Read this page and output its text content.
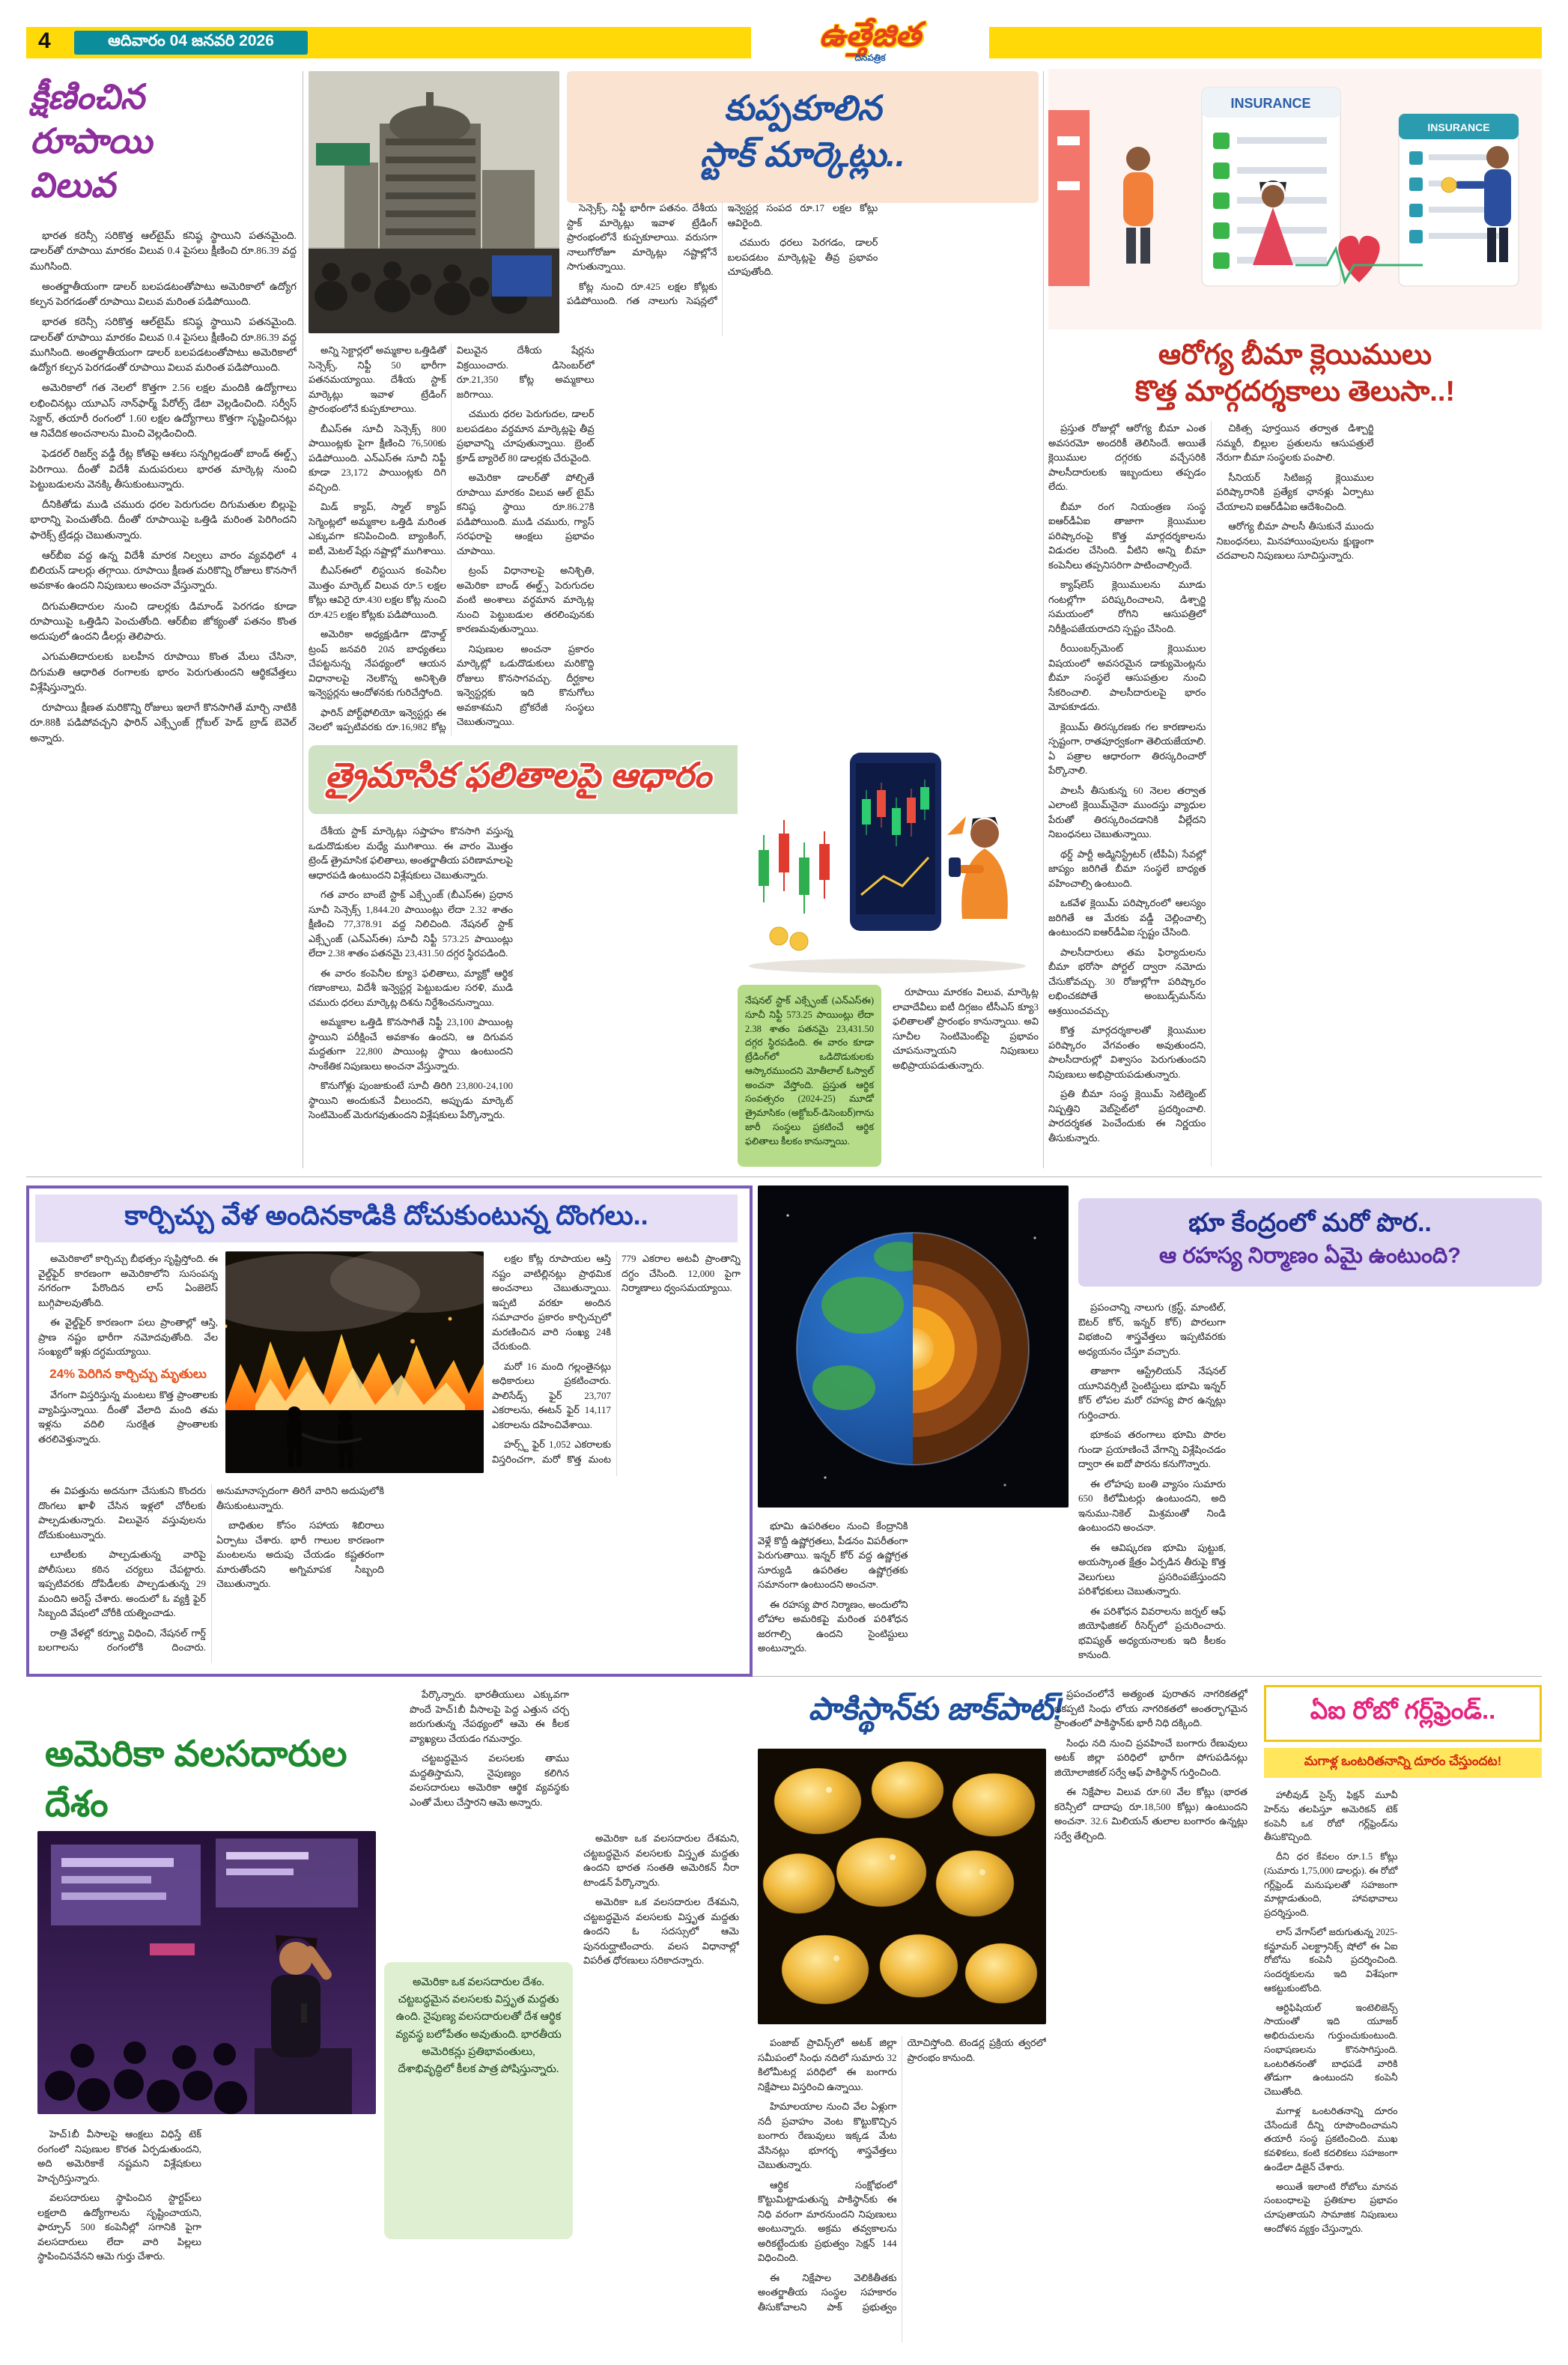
4	ఆదివారం 04 జనవరి 2026	ఉత్తేజిత
దినపత్రిక
క్షీణించిన
రూపాయి
విలువ

భారత కరెన్సీ సరికొత్త ఆల్‌టైమ్ కనిష్ఠ స్థాయిని పతనమైంది. డాలర్‌తో రూపాయి మారకం విలువ 0.4 పైసలు క్షీణించి రూ.86.39 వద్ద ముగిసింది.

అంతర్జాతీయంగా డాలర్ బలపడటంతోపాటు అమెరికాలో ఉద్యోగ కల్పన పెరగడంతో రూపాయి విలువ మరింత పడిపోయింది.

భారత కరెన్సీ సరికొత్త ఆల్‌టైమ్ కనిష్ఠ స్థాయిని పతనమైంది. డాలర్‌తో రూపాయి మారకం విలువ 0.4 పైసలు క్షీణించి రూ.86.39 వద్ద ముగిసింది. అంతర్జాతీయంగా డాలర్ బలపడటంతోపాటు అమెరికాలో ఉద్యోగ కల్పన పెరగడంతో రూపాయి విలువ మరింత పడిపోయింది.

అమెరికాలో గత నెలలో కొత్తగా 2.56 లక్షల మందికి ఉద్యోగాలు లభించినట్లు యూఎస్ నాన్‌ఫార్మ్ పేరోల్స్ డేటా వెల్లడించింది. సర్వీస్ సెక్టార్, తయారీ రంగంలో 1.60 లక్షల ఉద్యోగాలు కొత్తగా సృష్టించినట్లు ఆ నివేదిక అంచనాలను మించి వెల్లడించింది.

ఫెడరల్ రిజర్వ్ వడ్డీ రేట్ల కోతపై ఆశలు సన్నగిల్లడంతో బాండ్ ఈల్డ్స్ పెరిగాయి. దీంతో విదేశీ మదుపరులు భారత మార్కెట్ల నుంచి పెట్టుబడులను వెనక్కి తీసుకుంటున్నారు.

దీనికితోడు ముడి చమురు ధరల పెరుగుదల దిగుమతుల బిల్లుపై భారాన్ని పెంచుతోంది. దీంతో రూపాయిపై ఒత్తిడి మరింత పెరిగిందని ఫారెక్స్ ట్రేడర్లు చెబుతున్నారు.

ఆర్‌బీఐ వద్ద ఉన్న విదేశీ మారక నిల్వలు వారం వ్యవధిలో 4 బిలియన్ డాలర్లు తగ్గాయి. రూపాయి క్షీణత మరికొన్ని రోజులు కొనసాగే అవకాశం ఉందని నిపుణులు అంచనా వేస్తున్నారు.

దిగుమతిదారుల నుంచి డాలర్లకు డిమాండ్ పెరగడం కూడా రూపాయిపై ఒత్తిడిని పెంచుతోంది. ఆర్‌బీఐ జోక్యంతో పతనం కొంత అదుపులో ఉందని డీలర్లు తెలిపారు.

ఎగుమతిదారులకు బలహీన రూపాయి కొంత మేలు చేసినా, దిగుమతి ఆధారిత రంగాలకు భారం పెరుగుతుందని ఆర్థికవేత్తలు విశ్లేషిస్తున్నారు.

రూపాయి క్షీణత మరికొన్ని రోజులు ఇలాగే కొనసాగితే మార్చి నాటికి రూ.88కి పడిపోవచ్చని ఫారిన్ ఎక్స్ఛేంజ్ గ్లోబల్ హెడ్ బ్రాడ్ బెవెల్ అన్నారు.

కుప్పకూలిన
స్టాక్ మార్కెట్లు..

సెన్సెక్స్, నిఫ్టీ భారీగా పతనం. దేశీయ స్టాక్ మార్కెట్లు ఇవాళ ట్రేడింగ్ ప్రారంభంలోనే కుప్పకూలాయి. వరుసగా నాలుగోరోజూ మార్కెట్లు నష్టాల్లోనే సాగుతున్నాయి.

కోట్ల నుంచి రూ.425 లక్షల కోట్లకు పడిపోయింది. గత నాలుగు సెషన్లలో ఇన్వెస్టర్ల సంపద రూ.17 లక్షల కోట్లు ఆవిరైంది.

చమురు ధరలు పెరగడం, డాలర్ బలపడటం మార్కెట్లపై తీవ్ర ప్రభావం చూపుతోంది.

అన్ని సెక్టార్లలో అమ్మకాల ఒత్తిడితో సెన్సెక్స్, నిఫ్టీ 50 భారీగా పతనమయ్యాయి. దేశీయ స్టాక్ మార్కెట్లు ఇవాళ ట్రేడింగ్ ప్రారంభంలోనే కుప్పకూలాయి.

బీఎస్ఈ సూచీ సెన్సెక్స్ 800 పాయింట్లకు పైగా క్షీణించి 76,500కు పడిపోయింది. ఎన్ఎస్ఈ సూచీ నిఫ్టీ కూడా 23,172 పాయింట్లకు దిగి వచ్చింది.

మిడ్ క్యాప్, స్మాల్ క్యాప్ సెగ్మెంట్లలో అమ్మకాల ఒత్తిడి మరింత ఎక్కువగా కనిపించింది. బ్యాంకింగ్, ఐటీ, మెటల్ షేర్లు నష్టాల్లో ముగిశాయి.

బీఎస్ఈలో లిస్టయిన కంపెనీల మొత్తం మార్కెట్ విలువ రూ.5 లక్షల కోట్లు ఆవిరై రూ.430 లక్షల కోట్ల నుంచి రూ.425 లక్షల కోట్లకు పడిపోయింది.

అమెరికా అధ్యక్షుడిగా డొనాల్డ్ ట్రంప్ జనవరి 20న బాధ్యతలు చేపట్టనున్న నేపథ్యంలో ఆయన విధానాలపై నెలకొన్న అనిశ్చితి ఇన్వెస్టర్లను ఆందోళనకు గురిచేస్తోంది.

ఫారిన్ పోర్ట్‌ఫోలియో ఇన్వెస్టర్లు ఈ నెలలో ఇప్పటివరకు రూ.16,982 కోట్ల విలువైన దేశీయ షేర్లను విక్రయించారు. డిసెంబర్‌లో రూ.21,350 కోట్ల అమ్మకాలు జరిగాయి.

చమురు ధరల పెరుగుదల, డాలర్ బలపడటం వర్ధమాన మార్కెట్లపై తీవ్ర ప్రభావాన్ని చూపుతున్నాయి. బ్రెంట్ క్రూడ్ బ్యారెల్ 80 డాలర్లకు చేరువైంది.

అమెరికా డాలర్‌తో పోల్చితే రూపాయి మారకం విలువ ఆల్ టైమ్ కనిష్ఠ స్థాయి రూ.86.27కి పడిపోయింది. ముడి చమురు, గ్యాస్ సరఫరాపై ఆంక్షలు ప్రభావం చూపాయి.

ట్రంప్ విధానాలపై అనిశ్చితి, అమెరికా బాండ్ ఈల్డ్స్ పెరుగుదల వంటి అంశాలు వర్ధమాన మార్కెట్ల నుంచి పెట్టుబడుల తరలింపునకు కారణమవుతున్నాయి.

నిపుణుల అంచనా ప్రకారం మార్కెట్లో ఒడుదొడుకులు మరికొద్ది రోజులు కొనసాగవచ్చు. దీర్ఘకాల ఇన్వెస్టర్లకు ఇది కొనుగోలు అవకాశమని బ్రోకరేజీ సంస్థలు చెబుతున్నాయి.

త్రైమాసిక ఫలితాలపై ఆధారం

దేశీయ స్టాక్ మార్కెట్లు సప్తాహం కొనసాగి వస్తున్న ఒడుదొడుకుల మధ్యే ముగిశాయి. ఈ వారం మొత్తం ట్రెండ్ త్రైమాసిక ఫలితాలు, అంతర్జాతీయ పరిణామాలపై ఆధారపడి ఉంటుందని విశ్లేషకులు చెబుతున్నారు.

గత వారం బాంబే స్టాక్ ఎక్స్ఛేంజ్ (బీఎస్ఈ) ప్రధాన సూచీ సెన్సెక్స్ 1,844.20 పాయింట్లు లేదా 2.32 శాతం క్షీణించి 77,378.91 వద్ద నిలిచింది. నేషనల్ స్టాక్ ఎక్స్ఛేంజ్ (ఎన్ఎస్ఈ) సూచీ నిఫ్టీ 573.25 పాయింట్లు లేదా 2.38 శాతం పతనమై 23,431.50 దగ్గర స్థిరపడింది.

ఈ వారం కంపెనీల క్యూ3 ఫలితాలు, మ్యాక్రో ఆర్థిక గణాంకాలు, విదేశీ ఇన్వెస్టర్ల పెట్టుబడుల సరళి, ముడి చమురు ధరలు మార్కెట్ల దిశను నిర్దేశించనున్నాయి.

అమ్మకాల ఒత్తిడి కొనసాగితే నిఫ్టీ 23,100 పాయింట్ల స్థాయిని పరీక్షించే అవకాశం ఉందని, ఆ దిగువన మద్దతుగా 22,800 పాయింట్ల స్థాయి ఉంటుందని సాంకేతిక నిపుణులు అంచనా వేస్తున్నారు.

కొనుగోళ్లు పుంజుకుంటే సూచీ తిరిగి 23,800-24,100 స్థాయిని అందుకునే వీలుందని, అప్పుడు మార్కెట్ సెంటిమెంట్ మెరుగవుతుందని విశ్లేషకులు పేర్కొన్నారు.

నేషనల్ స్టాక్ ఎక్స్ఛేంజ్ (ఎన్ఎస్ఈ) సూచీ నిఫ్టీ 573.25 పాయింట్లు లేదా 2.38 శాతం పతనమై 23,431.50 దగ్గర స్థిరపడింది. ఈ వారం కూడా ట్రేడింగ్‌లో ఒడిదొడుకులకు ఆస్కారముందని మోతీలాల్ ఓస్వాల్ అంచనా వేస్తోంది. ప్రస్తుత ఆర్థిక సంవత్సరం (2024-25) మూడో త్రైమాసికం (అక్టోబర్-డిసెంబర్)గాను జారీ సంస్థలు ప్రకటించే ఆర్థిక ఫలితాలు కీలకం కానున్నాయి.

రూపాయి మారకం విలువ, మార్కెట్ల లావాదేవీలు ఐటీ దిగ్గజం టీసీఎస్ క్యూ3 ఫలితాలతో ప్రారంభం కానున్నాయి. అవి సూచీల సెంటిమెంట్‌పై ప్రభావం చూపనున్నాయని నిపుణులు అభిప్రాయపడుతున్నారు.

INSURANCE
INSURANCE
ఆరోగ్య బీమా క్లెయిములు
కొత్త మార్గదర్శకాలు తెలుసా..!

ప్రస్తుత రోజుల్లో ఆరోగ్య బీమా ఎంత అవసరమో అందరికీ తెలిసిందే. అయితే క్లెయిముల దగ్గరకు వచ్చేసరికి పాలసీదారులకు ఇబ్బందులు తప్పడం లేదు.

బీమా రంగ నియంత్రణ సంస్థ ఐఆర్‌డీఏఐ తాజాగా క్లెయిముల పరిష్కారంపై కొత్త మార్గదర్శకాలను విడుదల చేసింది. వీటిని అన్ని బీమా కంపెనీలు తప్పనిసరిగా పాటించాల్సిందే.

క్యాష్‌లెస్ క్లెయిములను మూడు గంటల్లోగా పరిష్కరించాలని, డిశ్చార్జి సమయంలో రోగిని ఆసుపత్రిలో నిరీక్షింపజేయరాదని స్పష్టం చేసింది.

రీయింబర్స్‌మెంట్ క్లెయిముల విషయంలో అవసరమైన డాక్యుమెంట్లను బీమా సంస్థలే ఆసుపత్రుల నుంచి సేకరించాలి. పాలసీదారులపై భారం మోపకూడదు.

క్లెయిమ్ తిరస్కరణకు గల కారణాలను స్పష్టంగా, రాతపూర్వకంగా తెలియజేయాలి. ఏ పత్రాల ఆధారంగా తిరస్కరించారో పేర్కొనాలి.

పాలసీ తీసుకున్న 60 నెలల తర్వాత ఎలాంటి క్లెయిమ్‌నైనా ముందస్తు వ్యాధుల పేరుతో తిరస్కరించడానికి వీల్లేదని నిబంధనలు చెబుతున్నాయి.

థర్డ్ పార్టీ అడ్మినిస్ట్రేటర్ (టీపీఏ) సేవల్లో జాప్యం జరిగితే బీమా సంస్థలే బాధ్యత వహించాల్సి ఉంటుంది.

ఒకవేళ క్లెయిమ్ పరిష్కారంలో ఆలస్యం జరిగితే ఆ మేరకు వడ్డీ చెల్లించాల్సి ఉంటుందని ఐఆర్‌డీఏఐ స్పష్టం చేసింది.

పాలసీదారులు తమ ఫిర్యాదులను బీమా భరోసా పోర్టల్ ద్వారా నమోదు చేసుకోవచ్చు. 30 రోజుల్లోగా పరిష్కారం లభించకపోతే అంబుడ్స్‌మన్‌ను ఆశ్రయించవచ్చు.

కొత్త మార్గదర్శకాలతో క్లెయిముల పరిష్కారం వేగవంతం అవుతుందని, పాలసీదారుల్లో విశ్వాసం పెరుగుతుందని నిపుణులు అభిప్రాయపడుతున్నారు.

ప్రతి బీమా సంస్థ క్లెయిమ్ సెటిల్మెంట్ నిష్పత్తిని వెబ్‌సైట్‌లో ప్రదర్శించాలి. పారదర్శకత పెంచేందుకు ఈ నిర్ణయం తీసుకున్నారు.

చికిత్స పూర్తయిన తర్వాత డిశ్చార్జి సమ్మరీ, బిల్లుల ప్రతులను ఆసుపత్రులే నేరుగా బీమా సంస్థలకు పంపాలి.

సీనియర్ సిటిజన్ల క్లెయిముల పరిష్కారానికి ప్రత్యేక ఛానళ్లు ఏర్పాటు చేయాలని ఐఆర్‌డీఏఐ ఆదేశించింది.

ఆరోగ్య బీమా పాలసీ తీసుకునే ముందు నిబంధనలు, మినహాయింపులను క్షుణ్ణంగా చదవాలని నిపుణులు సూచిస్తున్నారు.

కార్చిచ్చు వేళ అందినకాడికి దోచుకుంటున్న దొంగలు..

అమెరికాలో కార్చిచ్చు బీభత్సం సృష్టిస్తోంది. ఈ వైల్డ్‌ఫైర్ కారణంగా అమెరికాలోని సుసంపన్న నగరంగా పేరొందిన లాస్ ఏంజెలెస్ బుగ్గిపాలవుతోంది.

ఈ వైల్డ్‌ఫైర్ కారణంగా పలు ప్రాంతాల్లో ఆస్తి, ప్రాణ నష్టం భారీగా నమోదవుతోంది. వేల సంఖ్యలో ఇళ్లు దగ్ధమయ్యాయి.

24% పెరిగిన కార్చిచ్చు మృతులు

వేగంగా విస్తరిస్తున్న మంటలు కొత్త ప్రాంతాలకు వ్యాపిస్తున్నాయి. దీంతో వేలాది మంది తమ ఇళ్లను వదిలి సురక్షిత ప్రాంతాలకు తరలివెళ్తున్నారు.

లక్షల కోట్ల రూపాయల ఆస్తి నష్టం వాటిల్లినట్లు ప్రాథమిక అంచనాలు చెబుతున్నాయి. ఇప్పటి వరకూ అందిన సమాచారం ప్రకారం కార్చిచ్చులో మరణించిన వారి సంఖ్య 24కి చేరుకుంది.

మరో 16 మంది గల్లంతైనట్లు అధికారులు ప్రకటించారు. పాలిసేడ్స్ ఫైర్ 23,707 ఎకరాలను, ఈటన్ ఫైర్ 14,117 ఎకరాలను దహించివేశాయి.

హర్స్ట్ ఫైర్ 1,052 ఎకరాలకు విస్తరించగా, మరో కొత్త మంట 779 ఎకరాల అటవీ ప్రాంతాన్ని దగ్ధం చేసింది. 12,000 పైగా నిర్మాణాలు ధ్వంసమయ్యాయి.

ఈ విపత్తును అదనుగా చేసుకుని కొందరు దొంగలు ఖాళీ చేసిన ఇళ్లలో చోరీలకు పాల్పడుతున్నారు. విలువైన వస్తువులను దోచుకుంటున్నారు.

లూటీలకు పాల్పడుతున్న వారిపై పోలీసులు కఠిన చర్యలు చేపట్టారు. ఇప్పటివరకు దోపిడీలకు పాల్పడుతున్న 29 మందిని అరెస్ట్ చేశారు. అందులో ఓ వ్యక్తి ఫైర్ సిబ్బంది వేషంలో చోరీకి యత్నించాడు.

రాత్రి వేళల్లో కర్ఫ్యూ విధించి, నేషనల్ గార్డ్ బలగాలను రంగంలోకి దించారు. అనుమానాస్పదంగా తిరిగే వారిని అదుపులోకి తీసుకుంటున్నారు.

బాధితుల కోసం సహాయ శిబిరాలు ఏర్పాటు చేశారు. భారీ గాలుల కారణంగా మంటలను అదుపు చేయడం కష్టతరంగా మారుతోందని అగ్నిమాపక సిబ్బంది చెబుతున్నారు.

భూ కేంద్రంలో మరో పొర..
ఆ రహస్య నిర్మాణం ఏమై ఉంటుంది?

ప్రపంచాన్ని నాలుగు (క్రస్ట్, మాంటిల్, ఔటర్ కోర్, ఇన్నర్ కోర్) పొరలుగా విభజించి శాస్త్రవేత్తలు ఇప్పటివరకు అధ్యయనం చేస్తూ వచ్చారు.

తాజాగా ఆస్ట్రేలియన్ నేషనల్ యూనివర్సిటీ సైంటిస్టులు భూమి ఇన్నర్ కోర్ లోపల మరో రహస్య పొర ఉన్నట్లు గుర్తించారు.

భూకంప తరంగాలు భూమి పొరల గుండా ప్రయాణించే వేగాన్ని విశ్లేషించడం ద్వారా ఈ ఐదో పొరను కనుగొన్నారు.

ఈ లోహపు బంతి వ్యాసం సుమారు 650 కిలోమీటర్లు ఉంటుందని, అది ఇనుము-నికెల్ మిశ్రమంతో నిండి ఉంటుందని అంచనా.

ఈ ఆవిష్కరణ భూమి పుట్టుక, అయస్కాంత క్షేత్రం ఏర్పడిన తీరుపై కొత్త వెలుగులు ప్రసరింపజేస్తుందని పరిశోధకులు చెబుతున్నారు.

ఈ పరిశోధన వివరాలను జర్నల్ ఆఫ్ జియోఫిజికల్ రీసెర్చ్‌లో ప్రచురించారు. భవిష్యత్ అధ్యయనాలకు ఇది కీలకం కానుంది.

భూమి ఉపరితలం నుంచి కేంద్రానికి వెళ్లే కొద్దీ ఉష్ణోగ్రతలు, పీడనం విపరీతంగా పెరుగుతాయి. ఇన్నర్ కోర్ వద్ద ఉష్ణోగ్రత సూర్యుడి ఉపరితల ఉష్ణోగ్రతకు సమానంగా ఉంటుందని అంచనా.

ఈ రహస్య పొర నిర్మాణం, అందులోని లోహాల అమరికపై మరింత పరిశోధన జరగాల్సి ఉందని సైంటిస్టులు అంటున్నారు.

అమెరికా వలసదారుల దేశం

పేర్కొన్నారు. భారతీయులు ఎక్కువగా పొందే హెచ్1బీ వీసాలపై పెద్ద ఎత్తున చర్చ జరుగుతున్న నేపథ్యంలో ఆమె ఈ కీలక వ్యాఖ్యలు చేయడం గమనార్హం.

చట్టబద్ధమైన వలసలకు తాము మద్దతిస్తామని, నైపుణ్యం కలిగిన వలసదారులు అమెరికా ఆర్థిక వ్యవస్థకు ఎంతో మేలు చేస్తారని ఆమె అన్నారు.

అమెరికా ఒక వలసదారుల దేశం. చట్టబద్ధమైన వలసలకు విస్తృత మద్దతు ఉంది. నైపుణ్య వలసదారులతో దేశ ఆర్థిక వ్యవస్థ బలోపేతం అవుతుంది. భారతీయ అమెరికన్లు ప్రతిభావంతులు, దేశాభివృద్ధిలో కీలక పాత్ర పోషిస్తున్నారు.

అమెరికా ఒక వలసదారుల దేశమని, చట్టబద్ధమైన వలసలకు విస్తృత మద్దతు ఉందని భారత సంతతి అమెరికన్ నీరా టాండన్ పేర్కొన్నారు.

అమెరికా ఒక వలసదారుల దేశమని, చట్టబద్ధమైన వలసలకు విస్తృత మద్దతు ఉందని ఓ సదస్సులో ఆమె పునరుద్ఘాటించారు. వలస విధానాల్లో విపరీత ధోరణులు సరికాదన్నారు.

హెచ్1బీ వీసాలపై ఆంక్షలు విధిస్తే టెక్ రంగంలో నిపుణుల కొరత ఏర్పడుతుందని, అది అమెరికాకే నష్టమని విశ్లేషకులు హెచ్చరిస్తున్నారు.

వలసదారులు స్థాపించిన స్టార్టప్‌లు లక్షలాది ఉద్యోగాలను సృష్టించాయని, ఫార్చూన్ 500 కంపెనీల్లో సగానికి పైగా వలసదారులు లేదా వారి పిల్లలు స్థాపించినవేనని ఆమె గుర్తు చేశారు.

పాకిస్థాన్‌కు జాక్‌పాట్! ప్రపంచంలోనే అత్యంత పురాతన నాగరికతల్లో ఒకప్పటి సింధు లోయ నాగరికతలో అంతర్భాగమైన ప్రాంతంలో పాకిస్థాన్‌కు భారీ నిధి దక్కింది.

సింధు నది నుంచి ప్రవహించే బంగారు రేణువులు అటక్ జిల్లా పరిధిలో భారీగా పోగుపడినట్లు జియోలాజికల్ సర్వే ఆఫ్ పాకిస్థాన్ గుర్తించింది.

ఈ నిక్షేపాల విలువ రూ.60 వేల కోట్లు (భారత కరెన్సీలో దాదాపు రూ.18,500 కోట్లు) ఉంటుందని అంచనా. 32.6 మిలియన్ తులాల బంగారం ఉన్నట్లు సర్వే తేల్చింది.

పంజాబ్ ప్రావిన్స్‌లో అటక్ జిల్లా సమీపంలో సింధు నదిలో సుమారు 32 కిలోమీటర్ల పరిధిలో ఈ బంగారు నిక్షేపాలు విస్తరించి ఉన్నాయి.

హిమాలయాల నుంచి వేల ఏళ్లుగా నదీ ప్రవాహం వెంట కొట్టుకొచ్చిన బంగారు రేణువులు ఇక్కడ మేట వేసినట్లు భూగర్భ శాస్త్రవేత్తలు చెబుతున్నారు.

ఆర్థిక సంక్షోభంలో కొట్టుమిట్టాడుతున్న పాకిస్థాన్‌కు ఈ నిధి వరంగా మారనుందని నిపుణులు అంటున్నారు. అక్రమ తవ్వకాలను అరికట్టేందుకు ప్రభుత్వం సెక్షన్ 144 విధించింది.

ఈ నిక్షేపాల వెలికితీతకు అంతర్జాతీయ సంస్థల సహకారం తీసుకోవాలని పాక్ ప్రభుత్వం యోచిస్తోంది. టెండర్ల ప్రక్రియ త్వరలో ప్రారంభం కానుంది.

ఏఐ రోబో గర్ల్‌ఫ్రెండ్..
మగాళ్ల ఒంటరితనాన్ని దూరం చేస్తుందట!

హాలీవుడ్ సైన్స్ ఫిక్షన్ మూవీ హెర్‌ను తలపిస్తూ అమెరికన్ టెక్ కంపెనీ ఒక రోబో గర్ల్‌ఫ్రెండ్‌ను తీసుకొచ్చింది.

దీని ధర కేవలం రూ.1.5 కోట్లు (సుమారు 1,75,000 డాలర్లు). ఈ రోబో గర్ల్‌ఫ్రెండ్ మనుషులతో సహజంగా మాట్లాడుతుంది, హావభావాలు ప్రదర్శిస్తుంది.

లాస్ వేగాస్‌లో జరుగుతున్న 2025-కన్జూమర్ ఎలక్ట్రానిక్స్ షోలో ఈ ఏఐ రోబోను కంపెనీ ప్రదర్శించింది. సందర్శకులను ఇది విశేషంగా ఆకట్టుకుంటోంది.

ఆర్టిఫిషియల్ ఇంటెలిజెన్స్ సాయంతో ఇది యూజర్ అభిరుచులను గుర్తుంచుకుంటుంది. సంభాషణలను కొనసాగిస్తుంది. ఒంటరితనంతో బాధపడే వారికి తోడుగా ఉంటుందని కంపెనీ చెబుతోంది.

మగాళ్ల ఒంటరితనాన్ని దూరం చేసేందుకే దీన్ని రూపొందించామని తయారీ సంస్థ ప్రకటించింది. ముఖ కవళికలు, కంటి కదలికలు సహజంగా ఉండేలా డిజైన్ చేశారు.

అయితే ఇలాంటి రోబోలు మానవ సంబంధాలపై ప్రతికూల ప్రభావం చూపుతాయని సామాజిక నిపుణులు ఆందోళన వ్యక్తం చేస్తున్నారు.
